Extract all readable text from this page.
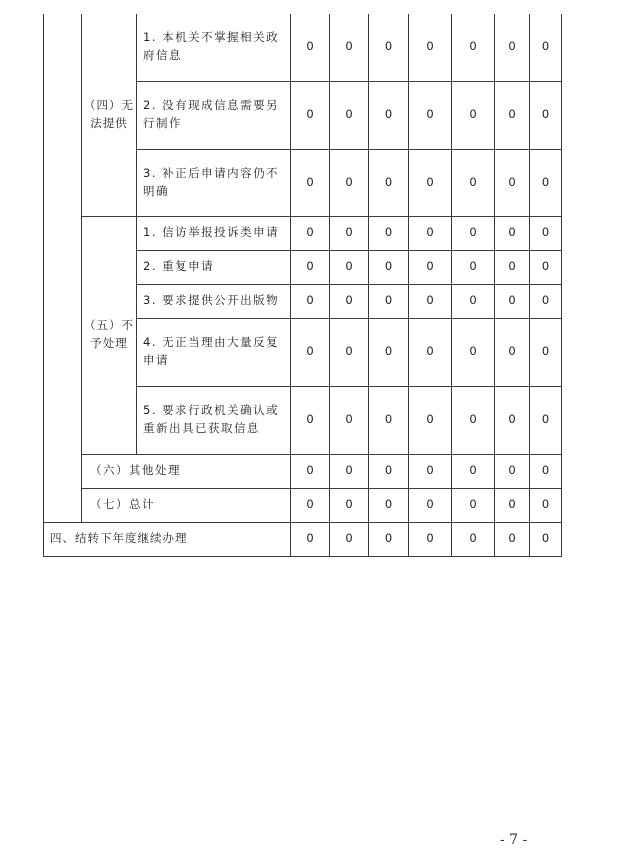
	（四）无法提供	1. 本机关不掌握相关政府信息	0	0	0	0	0	0	0
		2. 没有现成信息需要另行制作	0	0	0	0	0	0	0
		3. 补正后申请内容仍不明确	0	0	0	0	0	0	0
	（五）不予处理	1. 信访举报投诉类申请	0	0	0	0	0	0	0
		2. 重复申请	0	0	0	0	0	0	0
		3. 要求提供公开出版物	0	0	0	0	0	0	0
		4. 无正当理由大量反复申请	0	0	0	0	0	0	0
		5. 要求行政机关确认或重新出具已获取信息	0	0	0	0	0	0	0
	（六）其他处理		0	0	0	0	0	0	0
	（七）总计		0	0	0	0	0	0	0
四、结转下年度继续办理			0	0	0	0	0	0	0
- 7 -
